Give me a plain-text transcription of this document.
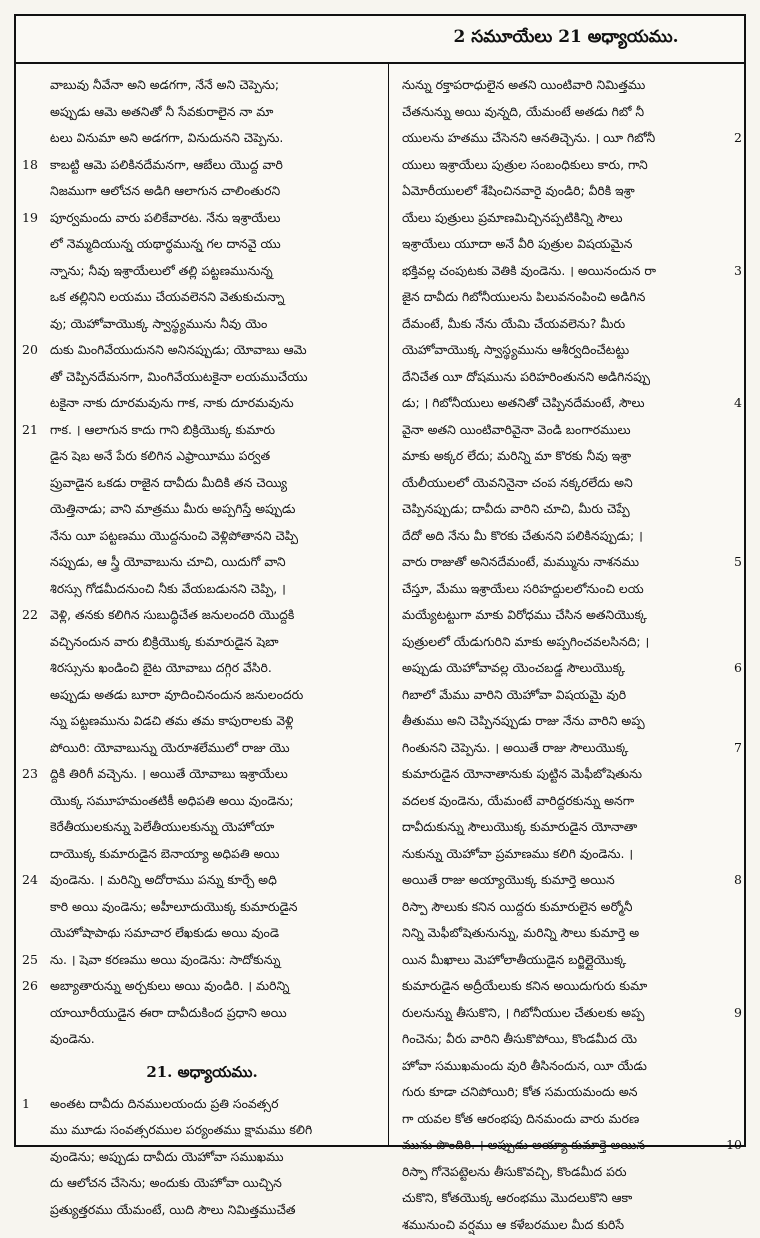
2 సమూయేలు 21 అధ్యాయము.
వాబువు నీవేనా అని అడగగా, నేనే అని చెప్పెను;
అప్పుడు ఆమె అతనితో నీ సేవకురాలైన నా మా
టలు వినుమా అని అడగగా, వినుదునని చెప్పెను.
18 కాబట్టి ఆమె పలికినదేమనగా, ఆబేలు యొద్ద వారి
నిజముగా ఆలోచన అడిగి ఆలాగున చాలింతురని
19 పూర్వమందు వారు పలికేవారట. నేను ఇశ్రాయేలు
లో నెమ్మదియున్న యథార్థమున్న గల దానవై యు
న్నాను; నీవు ఇశ్రాయేలులో తల్లి పట్టణమునున్న
ఒక తల్లినిని లయము చేయవలెనని వెతుకుచున్నా
వు; యెహోవాయొక్క స్వాస్థ్యమును నీవు యెం
20 దుకు మింగివేయుదునని అనినప్పుడు; యోవాబు ఆమె
తో చెప్పినదేమనగా, మింగివేయుటకైనా లయముచేయు
టకైనా నాకు దూరమవును గాక, నాకు దూరమవును
21 గాక. । ఆలాగున కాదు గాని బిక్రియొక్క కుమారు
డైన షెబ అనే పేరు కలిగిన ఎఫ్రాయీము పర్వత
ప్రువాడైన ఒకడు రాజైన దావీదు మీదికి తన చెయ్యి
యెత్తినాడు; వాని మాత్రము మీరు అప్పగిస్తే అప్పుడు
నేను యీ పట్టణము యొద్దనుంచి వెళ్లిపోతానని చెప్పి
నప్పుడు, ఆ స్త్రీ యోవాబును చూచి, యిదుగో వాని
శిరస్సు గోడమీదనుంచి నీకు వేయబడునని చెప్పి, ।
22 వెళ్లి, తనకు కలిగిన సుబుద్ధిచేత జనులందరి యొద్దకి
వచ్చినందున వారు బిక్రియొక్క కుమారుడైన షెబా
శిరస్సును ఖండించి బైట యోవాబు దగ్గిర వేసిరి.
అప్పుడు అతడు బూరా వూదించినందున జనులందరు
న్ను పట్టణమును విడచి తమ తమ కాపురాలకు వెళ్లి
పోయిరి: యోవాబున్ను యెరూశలేములో రాజు యొ
23 ద్దికి తిరిగీ వచ్చెను. । అయితే యోవాబు ఇశ్రాయేలు
యొక్క సమూహమంతటికీ అధిపతి అయి వుండెను;
కెరేతీయులకున్ను పెలేతీయులకున్ను యెహోయా
దాయొక్క కుమారుడైన బెనాయ్యా అధిపతి అయి
24 వుండెను. । మరిన్ని అదోరాము పన్ను కూర్చే అధి
కారి అయి వుండెను; అహీలూదుయొక్క కుమారుడైన
యెహోషాపాథు సమాచార లేఖకుడు అయి వుండె
25 ను. । షెవా కరణము అయి వుండెను: సాదోకున్ను
26 అబ్యాతారున్ను అర్చకులు అయి వుండిరి. । మరిన్ని
యాయీరీయుడైన ఈరా దావీదుకింద ప్రధాని అయి
వుండెను.
21. అధ్యాయము.
1	అంతట దావీదు దినములయందు ప్రతి సంవత్సర
ము మూడు సంవత్సరముల పర్యంతము క్షామము కలిగి
వుండెను; అప్పుడు దావీదు యెహోవా సముఖము
దు ఆలోచన చేసెను; అందుకు యెహోవా యిచ్చిన
ప్రత్యుత్తరము యేమంటే, యిది సౌలు నిమిత్తముచేత
నున్ను రక్తాపరాధులైన అతని యింటివారి నిమిత్తము
చేతనున్ను అయి వున్నది, యేమంటే అతడు గిబో నీ
2
యులను హతము చేసెనని ఆనతిచ్చెను. । యీ గిబోనీ
యులు ఇశ్రాయేలు పుత్రుల సంబంధికులు కారు, గాని
ఏమోరీయులలో శేషించినవారై వుండిరి; వీరికి ఇశ్రా
యేలు పుత్రులు ప్రమాణమిచ్చినప్పటికిన్ని సౌలు
ఇశ్రాయేలు యూదా అనే వీరి పుత్రుల విషయమైన
3
భక్తివల్ల చంపుటకు వెతికి వుండెను. । అయినందున రా
జైన దావీదు గిబోనీయులను పిలువనంపించి అడిగిన
దేమంటే, మీకు నేను యేమి చేయవలెను? మీరు
యెహోవాయొక్క స్వాస్థ్యమును ఆశీర్వదించేటట్టు
దేనిచేత యీ దోషమును పరిహరింతునని అడిగినప్పు
4
డు; । గిబోనీయులు అతనితో చెప్పినదేమంటే, సౌలు
వైనా అతని యింటివారివైనా వెండి బంగారములు
మాకు అక్కర లేదు; మరిన్ని మా కొరకు నీవు ఇశ్రా
యేలీయులలో యెవనినైనా చంప నక్కరలేదు అని
చెప్పినప్పుడు; దావీదు వారిని చూచి, మీరు చెప్పే
దేదో అది నేను మీ కొరకు చేతునని పలికినప్పుడు; ।
5
వారు రాజుతో అనినదేమంటే, మమ్మును నాశనము
చేస్తూ, మేము ఇశ్రాయేలు సరిహద్దులలోనుంచి లయ
మయ్యేటట్టుగా మాకు విరోధము చేసిన అతనియొక్క
పుత్రులలో యేడుగురిని మాకు అప్పగించవలసినది; ।
6
అప్పుడు యెహోవావల్ల యెంచబడ్డ సౌలుయొక్క
గిబాలో మేము వారిని యెహోవా విషయమై వురి
తీతుము అని చెప్పినప్పుడు రాజు నేను వారిని అప్ప
7
గింతునని చెప్పెను. । అయితే రాజు సౌలుయొక్క
కుమారుడైన యోనాతానుకు పుట్టిన మెఫీబోషెతును
వదలక వుండెను, యేమంటే వారిద్దరకున్ను అనగా
దావీదుకున్ను సౌలుయొక్క కుమారుడైన యోనాతా
నుకున్ను యెహోవా ప్రమాణము కలిగి వుండెను. ।
8
అయితే రాజు అయ్యాయొక్క కుమార్తె అయిన
రిస్పా సౌలుకు కనిన యిద్దరు కుమారులైన అర్మోనీ
నిన్ని మెఫీబోషెతునున్ను, మరిన్ని సౌలు కుమార్తె అ
యిన మీఖాలు మెహోలాతీయుడైన బర్జిల్లైయొక్క
కుమారుడైన అద్రీయేలుకు కనిన అయిదుగురు కుమా
9
రులనున్ను తీసుకొని, । గిబోనీయుల చేతులకు అప్ప
గించెను; వీరు వారిని తీసుకొపోయి, కొండమీద యె
హోవా సముఖమందు వురి తీసినందున, యీ యేడు
గురు కూడా చనిపోయిరి; కోత సమయమందు అన
గా యవల కోత ఆరంభపు దినమందు వారు మరణ
10
మును పొందిరి. । అప్పుడు అయ్యా కుమార్తె అయిన
రిస్పా గోనెపట్టెలను తీసుకొవచ్చి, కొండమీద పరు
చుకొని, కోతయొక్క ఆరంభము మొదలుకొని ఆకా
శమునుంచి వర్షము ఆ కళేబరముల మీద కురిసే
